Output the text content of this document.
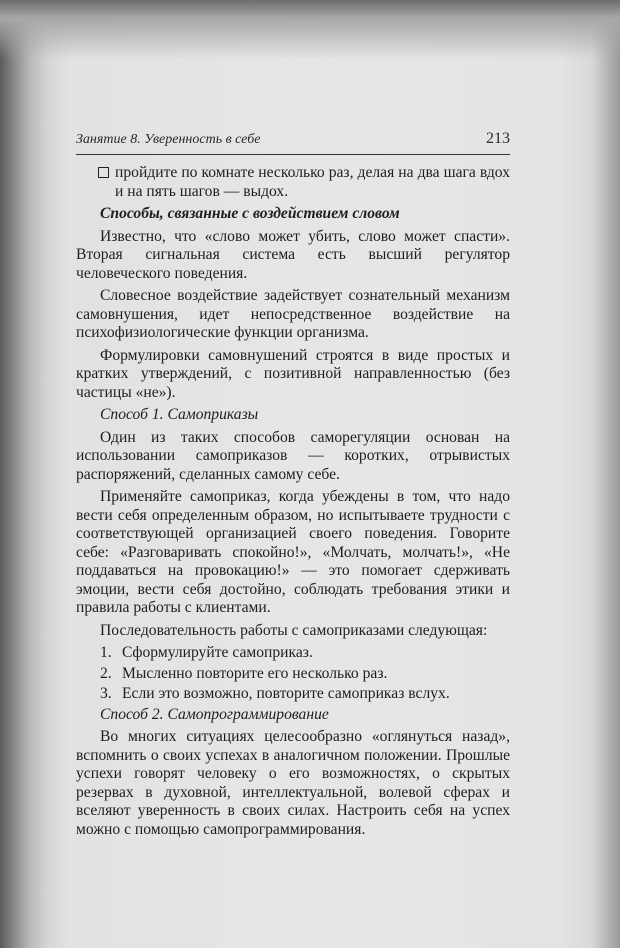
Занятие 8. Уверенность в себе	213
пройдите по комнате несколько раз, делая на два шага вдох и на пять шагов — выдох.
Способы, связанные с воздействием словом

Известно, что «слово может убить, слово может спасти». Вторая сигнальная система есть высший регулятор человеческого поведения.

Словесное воздействие задействует сознательный механизм самовнушения, идет непосредственное воздействие на психофизиологические функции организма.

Формулировки самовнушений строятся в виде простых и кратких утверждений, с позитивной направленностью (без частицы «не»).

Способ 1. Самоприказы

Один из таких способов саморегуляции основан на использовании самоприказов — коротких, отрывистых распоряжений, сделанных самому себе.

Применяйте самоприказ, когда убеждены в том, что надо вести себя определенным образом, но испытываете трудности с соответствующей организацией своего поведения. Говорите себе: «Разговаривать спокойно!», «Молчать, молчать!», «Не поддаваться на провокацию!» — это помогает сдерживать эмоции, вести себя достойно, соблюдать требования этики и правила работы с клиентами.

Последовательность работы с самоприказами следующая:

1. Сформулируйте самоприказ.
2. Мысленно повторите его несколько раз.
3. Если это возможно, повторите самоприказ вслух.
Способ 2. Самопрограммирование

Во многих ситуациях целесообразно «оглянуться назад», вспомнить о своих успехах в аналогичном положении. Прошлые успехи говорят человеку о его возможностях, о скрытых резервах в духовной, интеллектуальной, волевой сферах и вселяют уверенность в своих силах. Настроить себя на успех можно с помощью самопрограммирования.
